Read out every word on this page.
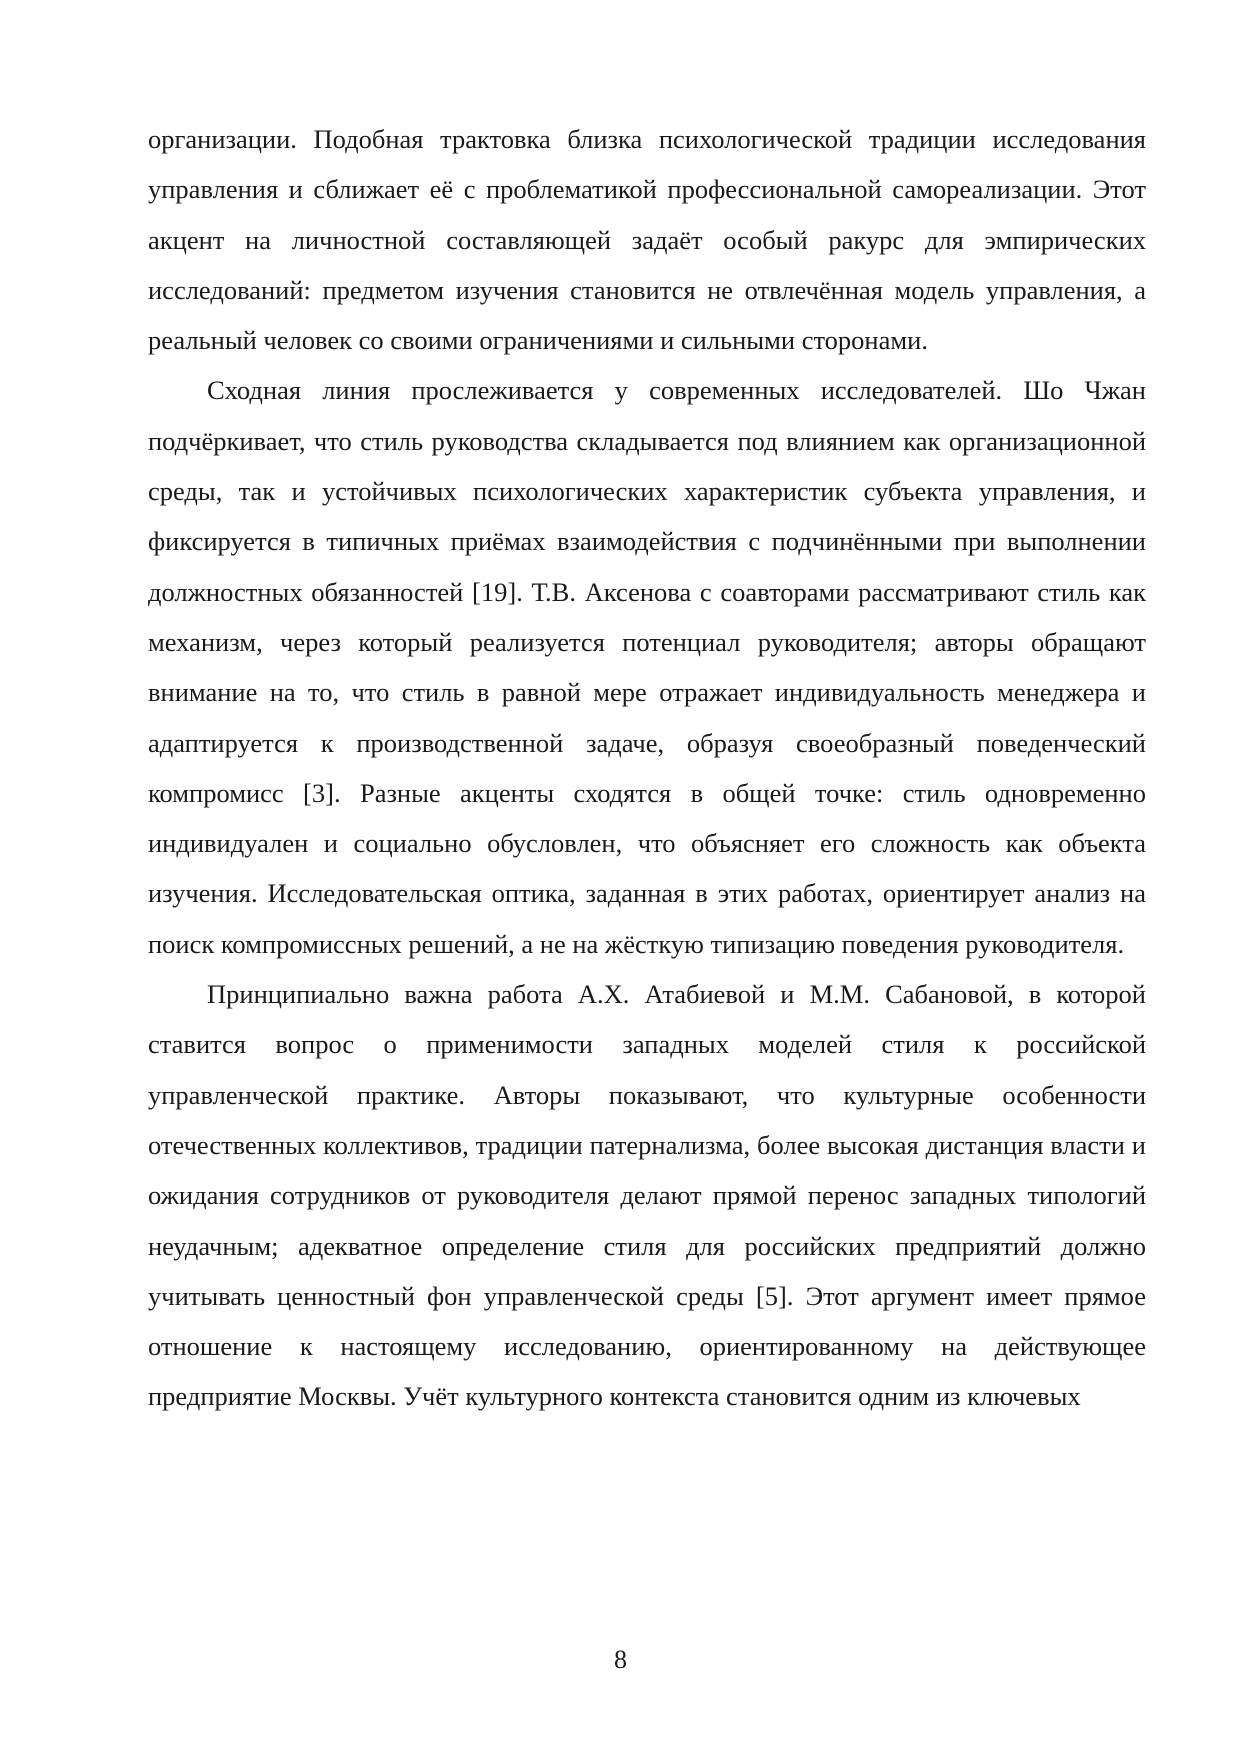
организации. Подобная трактовка близка психологической традиции исследования управления и сближает её с проблематикой профессиональной самореализации. Этот акцент на личностной составляющей задаёт особый ракурс для эмпирических исследований: предметом изучения становится не отвлечённая модель управления, а реальный человек со своими ограничениями и сильными сторонами.

Сходная линия прослеживается у современных исследователей. Шо Чжан подчёркивает, что стиль руководства складывается под влиянием как организационной среды, так и устойчивых психологических характеристик субъекта управления, и фиксируется в типичных приёмах взаимодействия с подчинёнными при выполнении должностных обязанностей [19]. Т.В. Аксенова с соавторами рассматривают стиль как механизм, через который реализуется потенциал руководителя; авторы обращают внимание на то, что стиль в равной мере отражает индивидуальность менеджера и адаптируется к производственной задаче, образуя своеобразный поведенческий компромисс [3]. Разные акценты сходятся в общей точке: стиль одновременно индивидуален и социально обусловлен, что объясняет его сложность как объекта изучения. Исследовательская оптика, заданная в этих работах, ориентирует анализ на поиск компромиссных решений, а не на жёсткую типизацию поведения руководителя.

Принципиально важна работа А.Х. Атабиевой и М.М. Сабановой, в которой ставится вопрос о применимости западных моделей стиля к российской управленческой практике. Авторы показывают, что культурные особенности отечественных коллективов, традиции патернализма, более высокая дистанция власти и ожидания сотрудников от руководителя делают прямой перенос западных типологий неудачным; адекватное определение стиля для российских предприятий должно учитывать ценностный фон управленческой среды [5]. Этот аргумент имеет прямое отношение к настоящему исследованию, ориентированному на действующее предприятие Москвы. Учёт культурного контекста становится одним из ключевых

8
